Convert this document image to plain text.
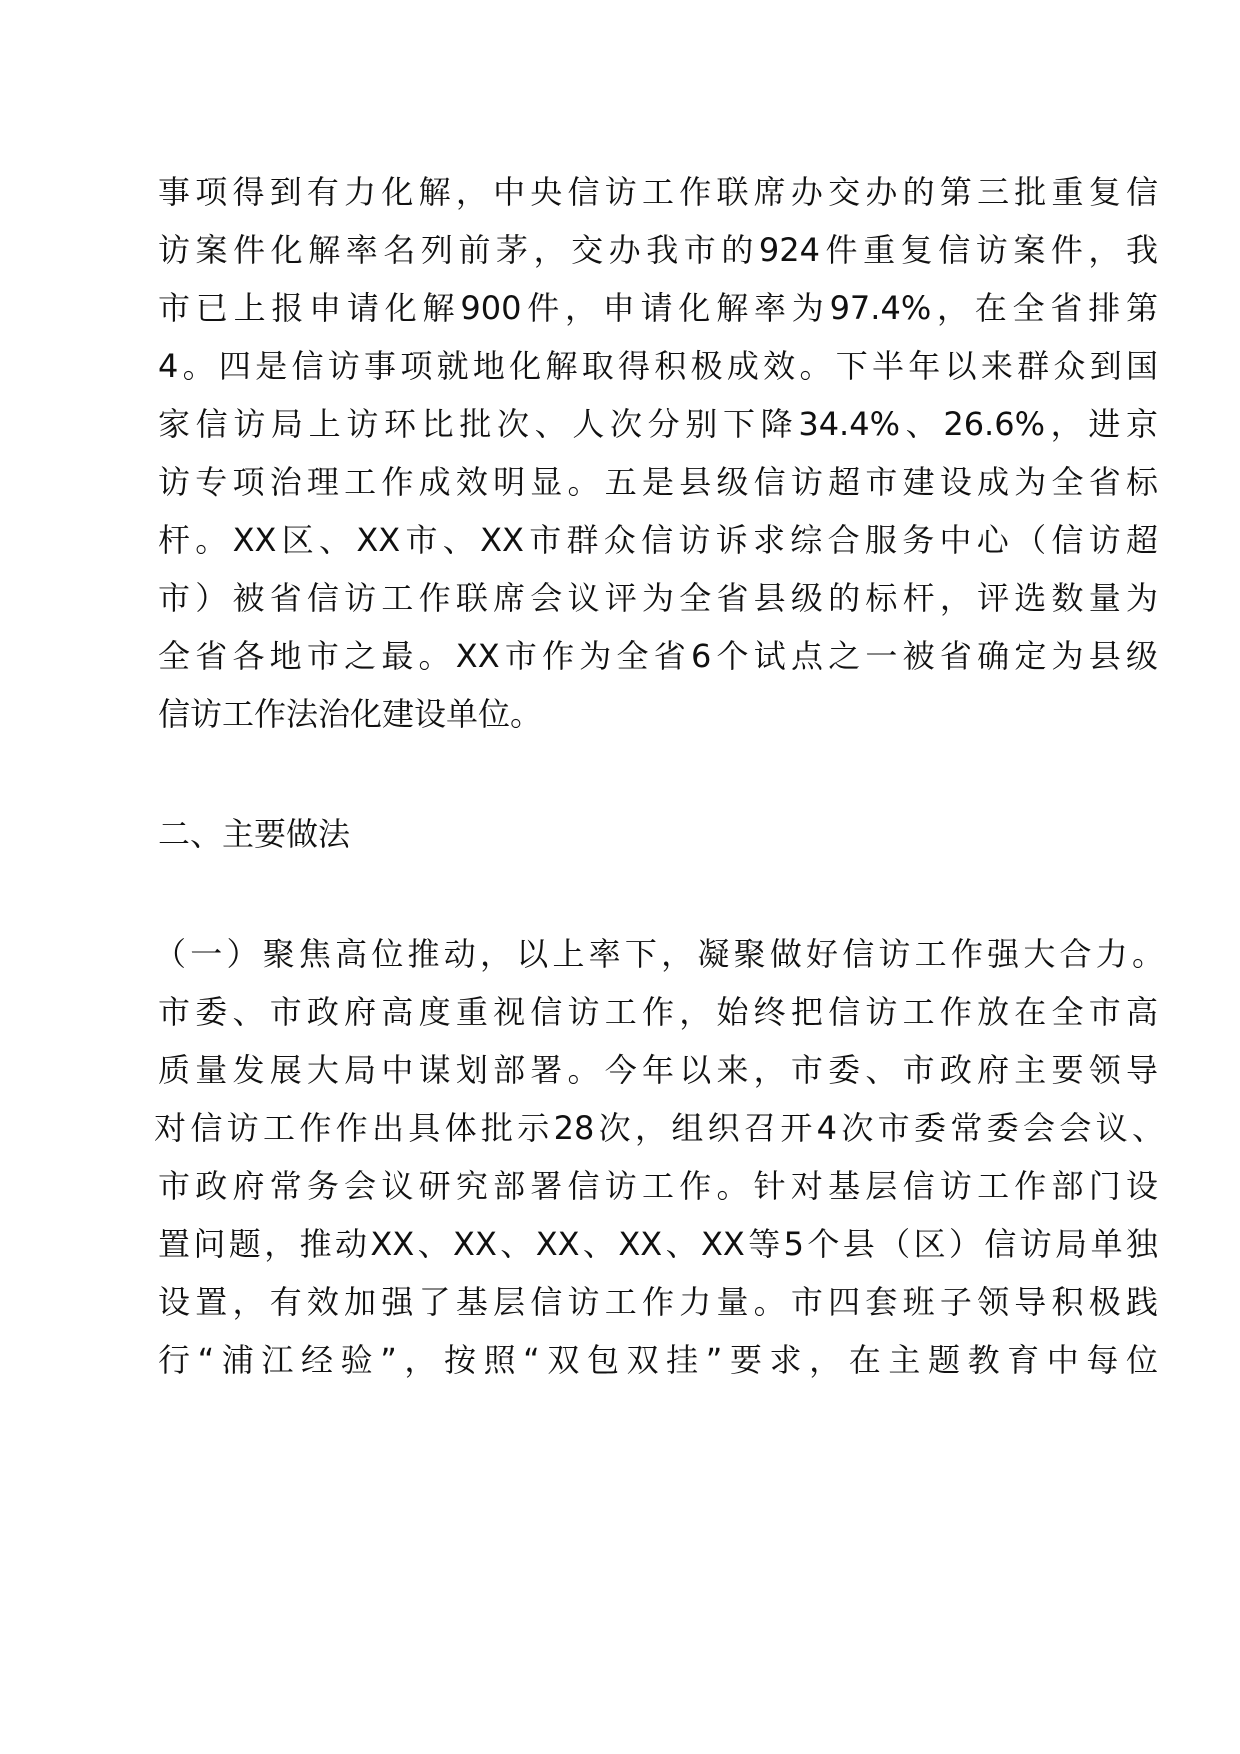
事项得到有力化解，中央信访工作联席办交办的第三批重复信
访案件化解率名列前茅，交办我市的924件重复信访案件，我
市已上报申请化解900件，申请化解率为97.4%，在全省排第
4。四是信访事项就地化解取得积极成效。下半年以来群众到国
家信访局上访环比批次、人次分别下降34.4%、26.6%，进京
访专项治理工作成效明显。五是县级信访超市建设成为全省标
杆。XX区、XX市、XX市群众信访诉求综合服务中心（信访超
市）被省信访工作联席会议评为全省县级的标杆，评选数量为
全省各地市之最。XX市作为全省6个试点之一被省确定为县级
信访工作法治化建设单位。
二、主要做法
（一）聚焦高位推动，以上率下，凝聚做好信访工作强大合力。
市委、市政府高度重视信访工作，始终把信访工作放在全市高
质量发展大局中谋划部署。今年以来，市委、市政府主要领导
对信访工作作出具体批示28次，组织召开4次市委常委会会议、
市政府常务会议研究部署信访工作。针对基层信访工作部门设
置问题，推动XX、XX、XX、XX、XX等5个县（区）信访局单独
设置，有效加强了基层信访工作力量。市四套班子领导积极践
行“浦江经验”，按照“双包双挂”要求，在主题教育中每位
